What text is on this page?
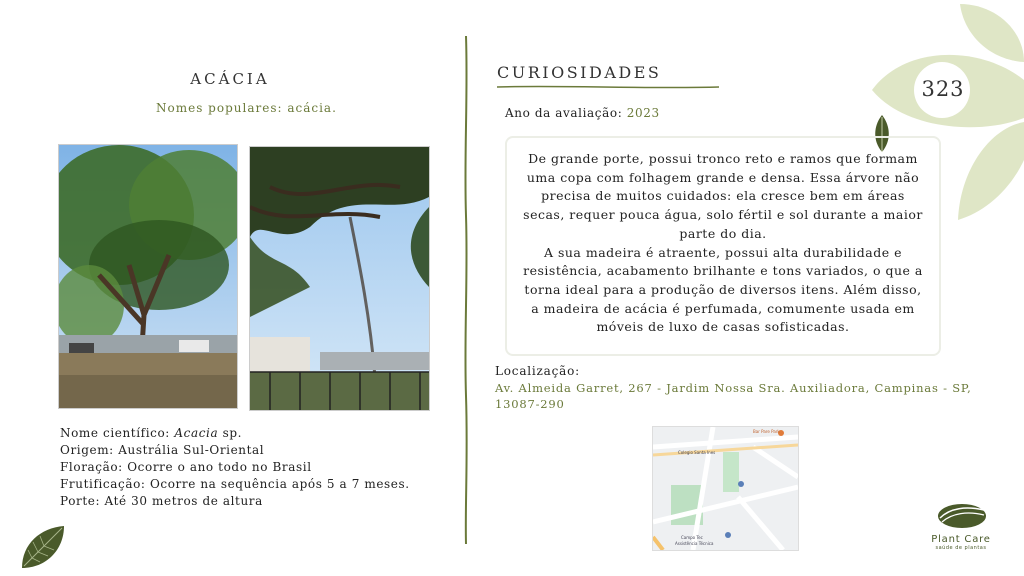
323
ACÁCIA
Nomes populares: acácia.
Nome científico: Acacia sp.
Origem: Austrália Sul-Oriental
Floração: Ocorre o ano todo no Brasil
Frutificação: Ocorre na sequência após 5 a 7 meses.
Porte: Até 30 metros de altura
CURIOSIDADES
Ano da avaliação: 2023

De grande porte, possui tronco reto e ramos que formam uma copa com folhagem grande e densa. Essa árvore não precisa de muitos cuidados: ela cresce bem em áreas secas, requer pouca água, solo fértil e sol durante a maior parte do dia.

A sua madeira é atraente, possui alta durabilidade e resistência, acabamento brilhante e tons variados, o que a torna ideal para a produção de diversos itens. Além disso, a madeira de acácia é perfumada, comumente usada em móveis de luxo de casas sofisticadas.

Localização:
Av. Almeida Garret, 267 - Jardim Nossa Sra. Auxiliadora, Campinas - SP, 13087-290
Bar Pare Park
Colegio Santa Ines
Campo Tec
Assistência Técnica	Plant Care
saúde de plantas
